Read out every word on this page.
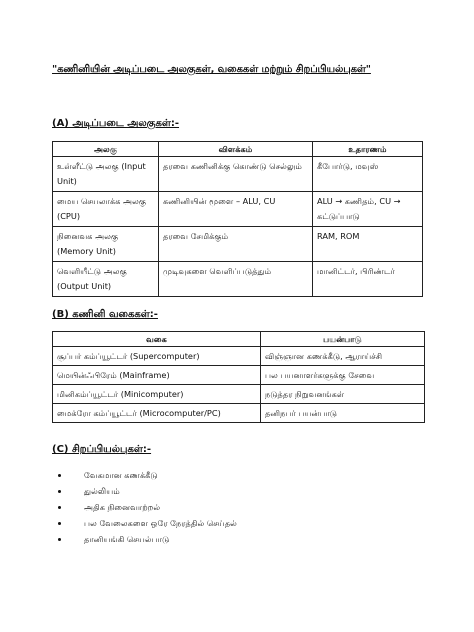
"கணினியின் அடிப்படை அலகுகள், வகைகள் மற்றும் சிறப்பியல்புகள்"
(A) அடிப்படை அலகுகள்:-
அலகு	விளக்கம்	உதாரணம்
உள்ளீட்டு அலகு (Input Unit)	தரவை கணினிக்கு கொண்டு செல்லும்	கீபோர்டு, மவுஸ்
மைய செயலாக்க அலகு (CPU)	கணினியின் மூளை – ALU, CU	ALU → கணிதம், CU → கட்டுப்பாடு
நினைவக அலகு (Memory Unit)	தரவை சேமிக்கும்	RAM, ROM
வெளியீட்டு அலகு (Output Unit)	முடிவுகளை வெளிப்படுத்தும்	மானிட்டர், பிரிண்டர்
(B) கணினி வகைகள்:-
வகை	பயன்பாடு
சூப்பர் கம்ப்யூட்டர் (Supercomputer)	விஞ்ஞான கணக்கீடு, ஆராய்ச்சி
மெயின்ஃபிரேம் (Mainframe)	பல பயனாளர்களுக்கு சேவை
மினிகம்ப்யூட்டர் (Minicomputer)	நடுத்தர நிறுவனங்கள்
மைக்ரோ கம்ப்யூட்டர் (Microcomputer/PC)	தனிநபர் பயன்பாடு
(C) சிறப்பியல்புகள்:-
• வேகமான கணக்கீடு
• துல்லியம்
• அதிக நினைவாற்றல்
• பல வேலைகளை ஒரே நேரத்தில் செய்தல்
• தானியங்கி செயல்பாடு
